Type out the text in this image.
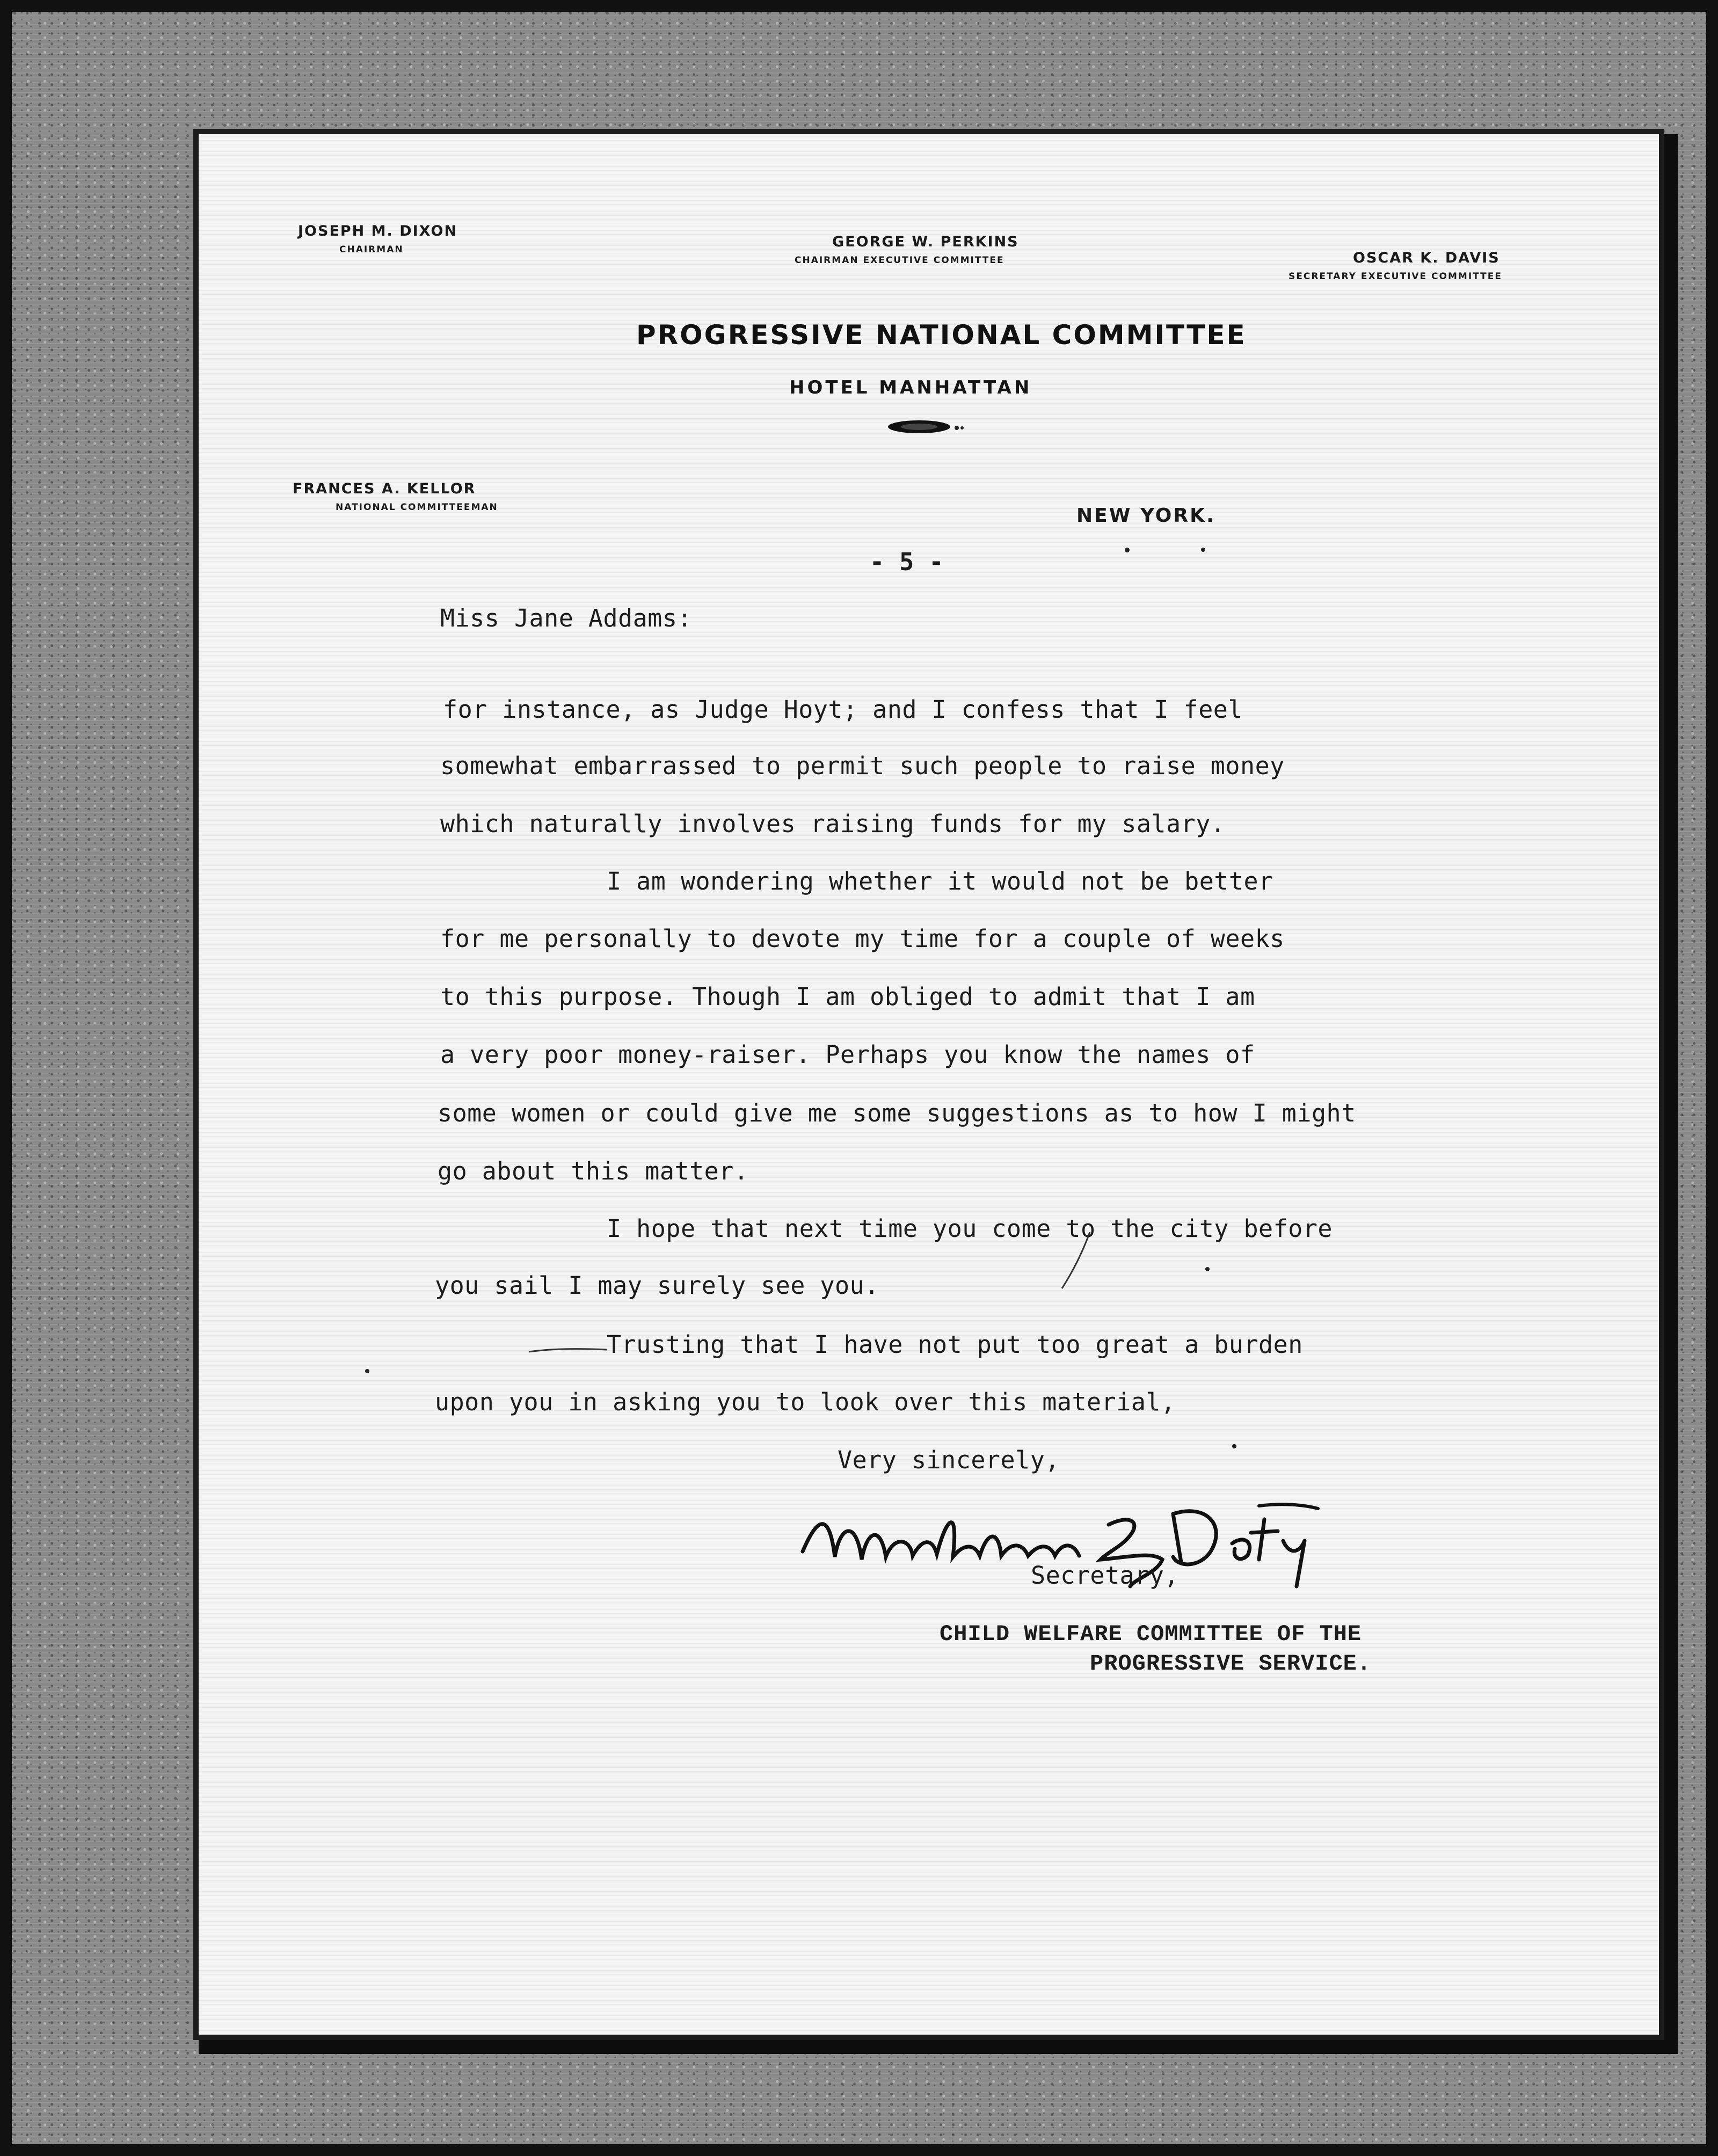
JOSEPH M. DIXON
CHAIRMAN	GEORGE W. PERKINS
CHAIRMAN EXECUTIVE COMMITTEE	OSCAR K. DAVIS
SECRETARY EXECUTIVE COMMITTEE
PROGRESSIVE NATIONAL COMMITTEE
HOTEL MANHATTAN
FRANCES A. KELLOR
NATIONAL COMMITTEEMAN	NEW YORK.
- 5 -
Miss Jane Addams:
for instance, as Judge Hoyt; and I confess that I feel
somewhat embarrassed to permit such people to raise money
which naturally involves raising funds for my salary.
I am wondering whether it would not be better
for me personally to devote my time for a couple of weeks
to this purpose. Though I am obliged to admit that I am
a very poor money-raiser. Perhaps you know the names of
some women or could give me some suggestions as to how I might
go about this matter.
I hope that next time you come to the city before
you sail I may surely see you.
Trusting that I have not put too great a burden
upon you in asking you to look over this material,
Very sincerely,
Secretary,
CHILD WELFARE COMMITTEE OF THE
PROGRESSIVE SERVICE.
